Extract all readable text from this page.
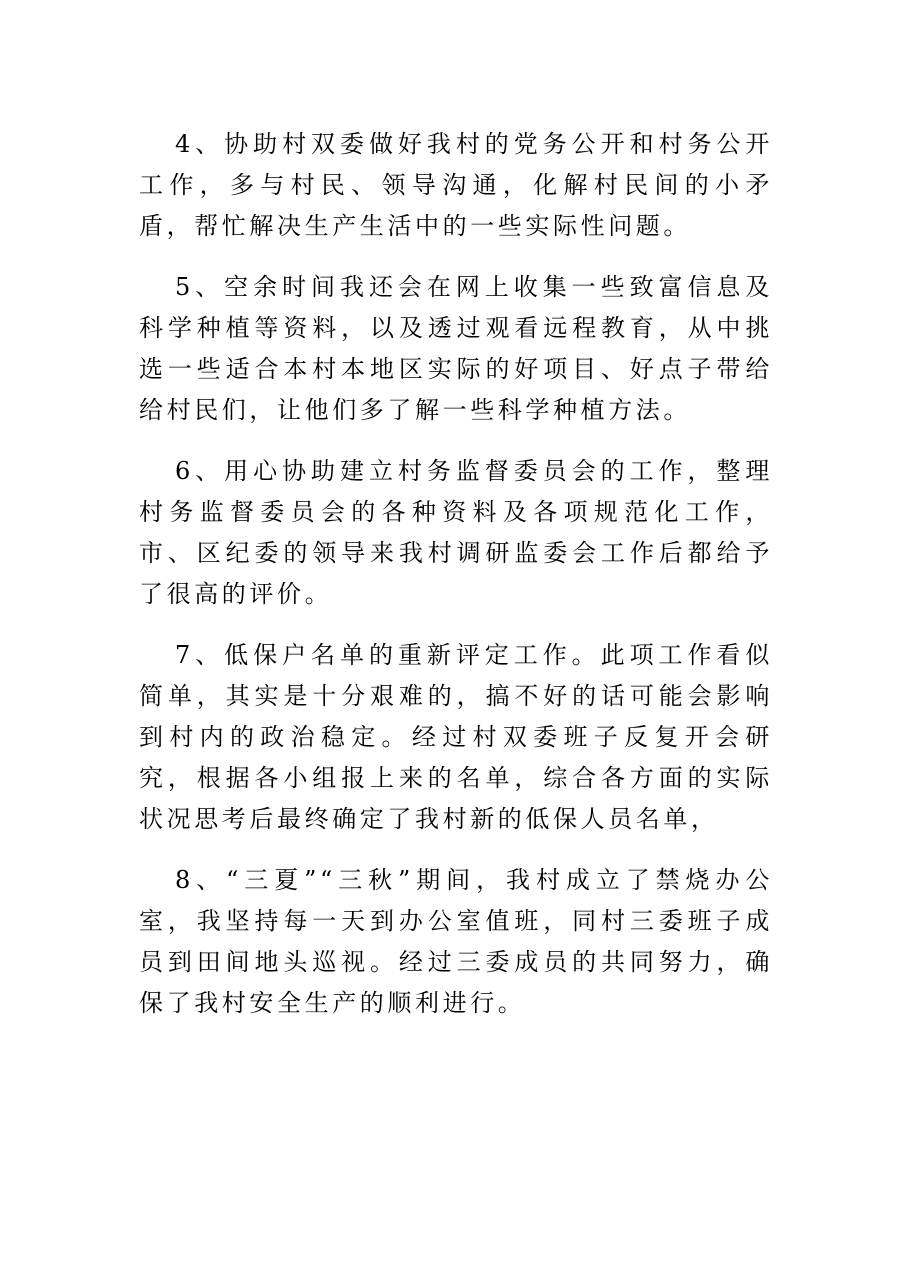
4、协助村双委做好我村的党务公开和村务公开工作，多与村民、领导沟通，化解村民间的小矛盾，帮忙解决生产生活中的一些实际性问题。

5、空余时间我还会在网上收集一些致富信息及科学种植等资料，以及透过观看远程教育，从中挑选一些适合本村本地区实际的好项目、好点子带给给村民们，让他们多了解一些科学种植方法。

6、用心协助建立村务监督委员会的工作，整理村务监督委员会的各种资料及各项规范化工作，市、区纪委的领导来我村调研监委会工作后都给予了很高的评价。

7、低保户名单的重新评定工作。此项工作看似简单，其实是十分艰难的，搞不好的话可能会影响到村内的政治稳定。经过村双委班子反复开会研究，根据各小组报上来的名单，综合各方面的实际状况思考后最终确定了我村新的低保人员名单，

8、“三夏”“三秋”期间，我村成立了禁烧办公室，我坚持每一天到办公室值班，同村三委班子成员到田间地头巡视。经过三委成员的共同努力，确保了我村安全生产的顺利进行。
